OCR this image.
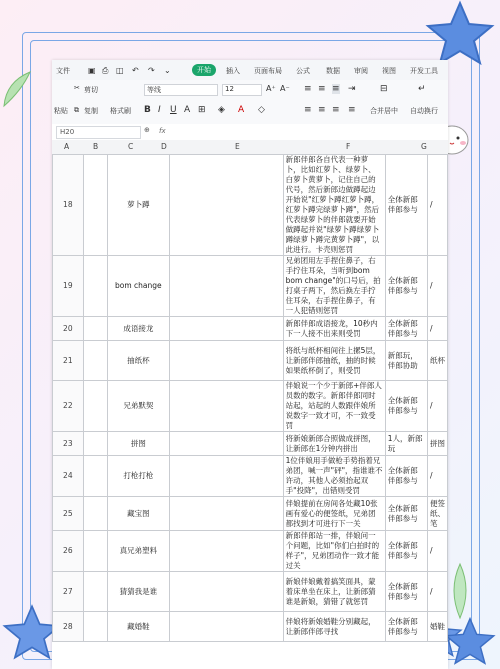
文件 ▣ ⎙ ◫ ↶ ↷ ⌄	开始	插入 页面布局 公式 数据 审阅 视图 开发工具
✂ 剪切
粘贴 ⧉ 复制 格式刷
等线	12	A⁺ A⁻
B I U A ⊞ ◈ A ◇
≡ ≡ ≡ ⇥
≡ ≡ ≡ ≡
⊟
合并居中
↵
自动换行
H20	⊕ fx
A	B	C	D	E	F	G
18		萝卜蹲		新郎伴郎各自代表一种萝卜，比如红萝卜、绿萝卜、白萝卜黄萝卜，记住自己的代号，然后新郎边做蹲起边开始说"红萝卜蹲红萝卜蹲，红萝卜蹲完绿萝卜蹲"，然后代表绿萝卜的伴郎就要开始做蹲起并说"绿萝卜蹲绿萝卜蹲绿萝卜蹲完黄萝卜蹲"，以此进行。卡壳则惩罚	全体新郎伴郎参与	/
19		bom change		兄弟团用左手捏住鼻子，右手拧住耳朵，当听到bom bom change"的口号后，拍打桌子两下，然后换左手拧住耳朵，右手捏住鼻子，有一人犯错则惩罚	全体新郎伴郎参与	/
20		成语接龙		新郎伴郎成语接龙，10秒内下一人接不出来则受罚	全体新郎伴郎参与	/
21		抽纸杯		将纸与纸杯相间往上摞5层，让新郎伴郎抽纸，抽的时候如果纸杯倒了，则受罚	新郎玩，伴郎协助	纸杯
22		兄弟默契		伴娘说一个少于新郎+伴郎人员数的数字。新郎伴郎同时站起，站起的人数跟伴娘所说数字一致才可，不一致受罚	全体新郎伴郎参与	/
23		拼图		将新娘新郎合照做成拼图，让新郎在1分钟内拼出	1人，新郎玩	拼图
24		打枪打枪		1位伴娘用手做枪手势指着兄弟团，喊一声"砰"，指谁谁不许动，其他人必须抬起双手"投降"，出错则受罚	全体新郎伴郎参与	/
25		藏宝图		伴娘提前在房间各处藏10张画有爱心的便签纸，兄弟团都找到才可进行下一关	全体新郎伴郎参与	便签纸、笔
26		真兄弟塑料		新郎伴郎站一排，伴娘问一个问题，比如"你们白拍时的样子"，兄弟团动作一致才能过关	全体新郎伴郎参与	/
27		猜猜我是谁		新娘伴娘戴着搞笑面具，蒙着床单坐在床上，让新郎猜谁是新娘，猜错了就惩罚	全体新郎伴郎参与	/
28		藏婚鞋		伴娘将新娘婚鞋分别藏起，让新郎伴郎寻找	全体新郎伴郎参与	婚鞋
